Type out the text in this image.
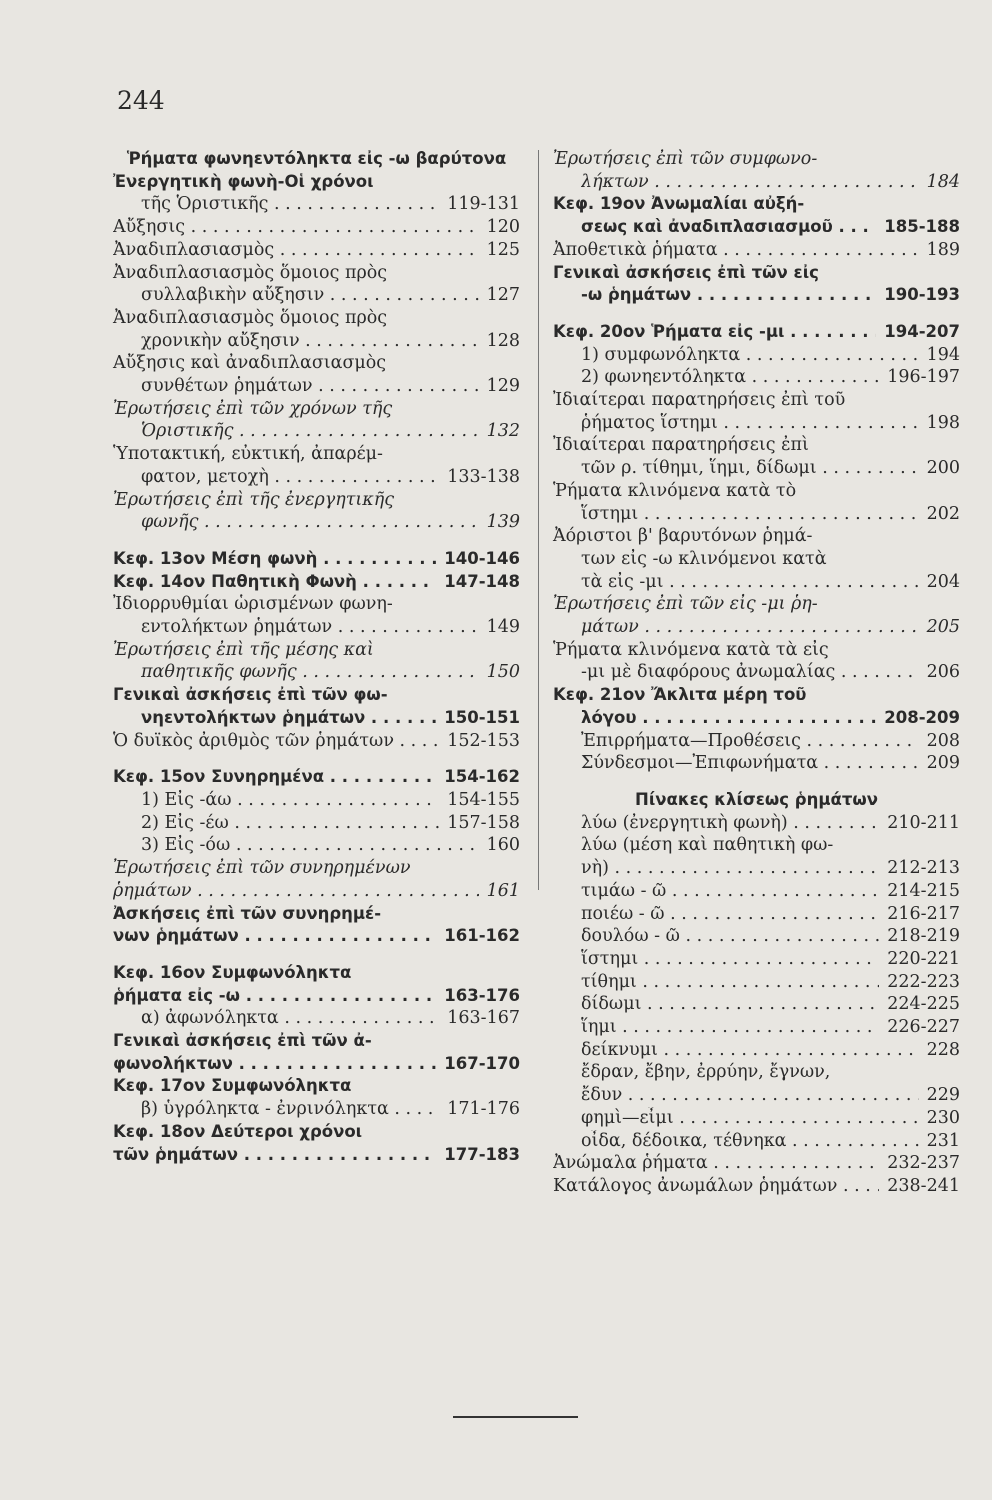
244
Ῥήματα φωνηεντόληκτα εἰς -ω βαρύτονα
Ἐνεργητικὴ φωνὴ-Οἱ χρόνοι
τῆς Ὁριστικῆς . . .	119-131
Αὔξησις . . .	120
Ἀναδιπλασιασμὸς . . .	125
Ἀναδιπλασιασμὸς ὅμοιος πρὸς
συλλαβικὴν αὔξησιν . . .	127
Ἀναδιπλασιασμὸς ὅμοιος πρὸς
χρονικὴν αὔξησιν . . .	128
Αὔξησις καὶ ἀναδιπλασιασμὸς
συνθέτων ῥημάτων . . .	129
Ἐρωτήσεις ἐπὶ τῶν χρόνων τῆς
Ὁριστικῆς . . .	132
Ὑποτακτική, εὐκτική, ἀπαρέμ-
φατον, μετοχὴ . . .	133-138
Ἐρωτήσεις ἐπὶ τῆς ἐνεργητικῆς
φωνῆς . . .	139
Κεφ. 13ον Μέση φωνὴ . . .	140-146
Κεφ. 14ον Παθητικὴ Φωνὴ . . .	147-148
Ἰδιορρυθμίαι ὡρισμένων φωνη-
εντολήκτων ῥημάτων . . .	149
Ἐρωτήσεις ἐπὶ τῆς μέσης καὶ
παθητικῆς φωνῆς . . .	150
Γενικαὶ ἀσκήσεις ἐπὶ τῶν φω-
νηεντολήκτων ῥημάτων . . .	150-151
Ὁ δυϊκὸς ἀριθμὸς τῶν ῥημάτων . . .	152-153
Κεφ. 15ον Συνηρημένα . . .	154-162
1) Εἰς -άω . . .	154-155
2) Εἰς -έω . . .	157-158
3) Εἰς -όω . . .	160
Ἐρωτήσεις ἐπὶ τῶν συνηρημένων
ῥημάτων . . .	161
Ἀσκήσεις ἐπὶ τῶν συνηρημέ-
νων ῥημάτων . . .	161-162
Κεφ. 16ον Συμφωνόληκτα
ῥήματα εἰς -ω . . .	163-176
α) ἀφωνόληκτα . . .	163-167
Γενικαὶ ἀσκήσεις ἐπὶ τῶν ἀ-
φωνολήκτων . . .	167-170
Κεφ. 17ον Συμφωνόληκτα
β) ὑγρόληκτα - ἐνρινόληκτα . . .	171-176
Κεφ. 18ον Δεύτεροι χρόνοι
τῶν ῥημάτων . . .	177-183
Ἐρωτήσεις ἐπὶ τῶν συμφωνο-
λήκτων . . .	184
Κεφ. 19ον Ἀνωμαλίαι αὐξή-
σεως καὶ ἀναδιπλασιασμοῦ . . .	185-188
Ἀποθετικὰ ῥήματα . . .	189
Γενικαὶ ἀσκήσεις ἐπὶ τῶν εἰς
-ω ῥημάτων . . .	190-193
Κεφ. 20ον Ῥήματα εἰς -μι . . .	194-207
1) συμφωνόληκτα . . .	194
2) φωνηεντόληκτα . . .	196-197
Ἰδιαίτεραι παρατηρήσεις ἐπὶ τοῦ
ῥήματος ἵστημι . . .	198
Ἰδιαίτεραι παρατηρήσεις ἐπὶ
τῶν ρ. τίθημι, ἵημι, δίδωμι . . .	200
Ῥήματα κλινόμενα κατὰ τὸ
ἵστημι . . .	202
Ἀόριστοι β' βαρυτόνων ῥημά-
των εἰς -ω κλινόμενοι κατὰ
τὰ εἰς -μι . . .	204
Ἐρωτήσεις ἐπὶ τῶν εἰς -μι ῥη-
μάτων . . .	205
Ῥήματα κλινόμενα κατὰ τὰ εἰς
-μι μὲ διαφόρους ἀνωμαλίας . . .	206
Κεφ. 21ον Ἄκλιτα μέρη τοῦ
λόγου . . .	208-209
Ἐπιρρήματα—Προθέσεις . . .	208
Σύνδεσμοι—Ἐπιφωνήματα . . .	209
Πίνακες κλίσεως ῥημάτων
λύω (ἐνεργητικὴ φωνὴ) . . .	210-211
λύω (μέση καὶ παθητικὴ φω-
νὴ) . . .	212-213
τιμάω - ῶ . . .	214-215
ποιέω - ῶ . . .	216-217
δουλόω - ῶ . . .	218-219
ἵστημι . . .	220-221
τίθημι . . .	222-223
δίδωμι . . .	224-225
ἵημι . . .	226-227
δείκνυμι . . .	228
ἔδραν, ἔβην, ἐρρύην, ἔγνων,
ἔδυν . . .	229
φημὶ—εἶμι . . .	230
οἶδα, δέδοικα, τέθνηκα . . .	231
Ἀνώμαλα ῥήματα . . .	232-237
Κατάλογος ἀνωμάλων ῥημάτων . . .	238-241
